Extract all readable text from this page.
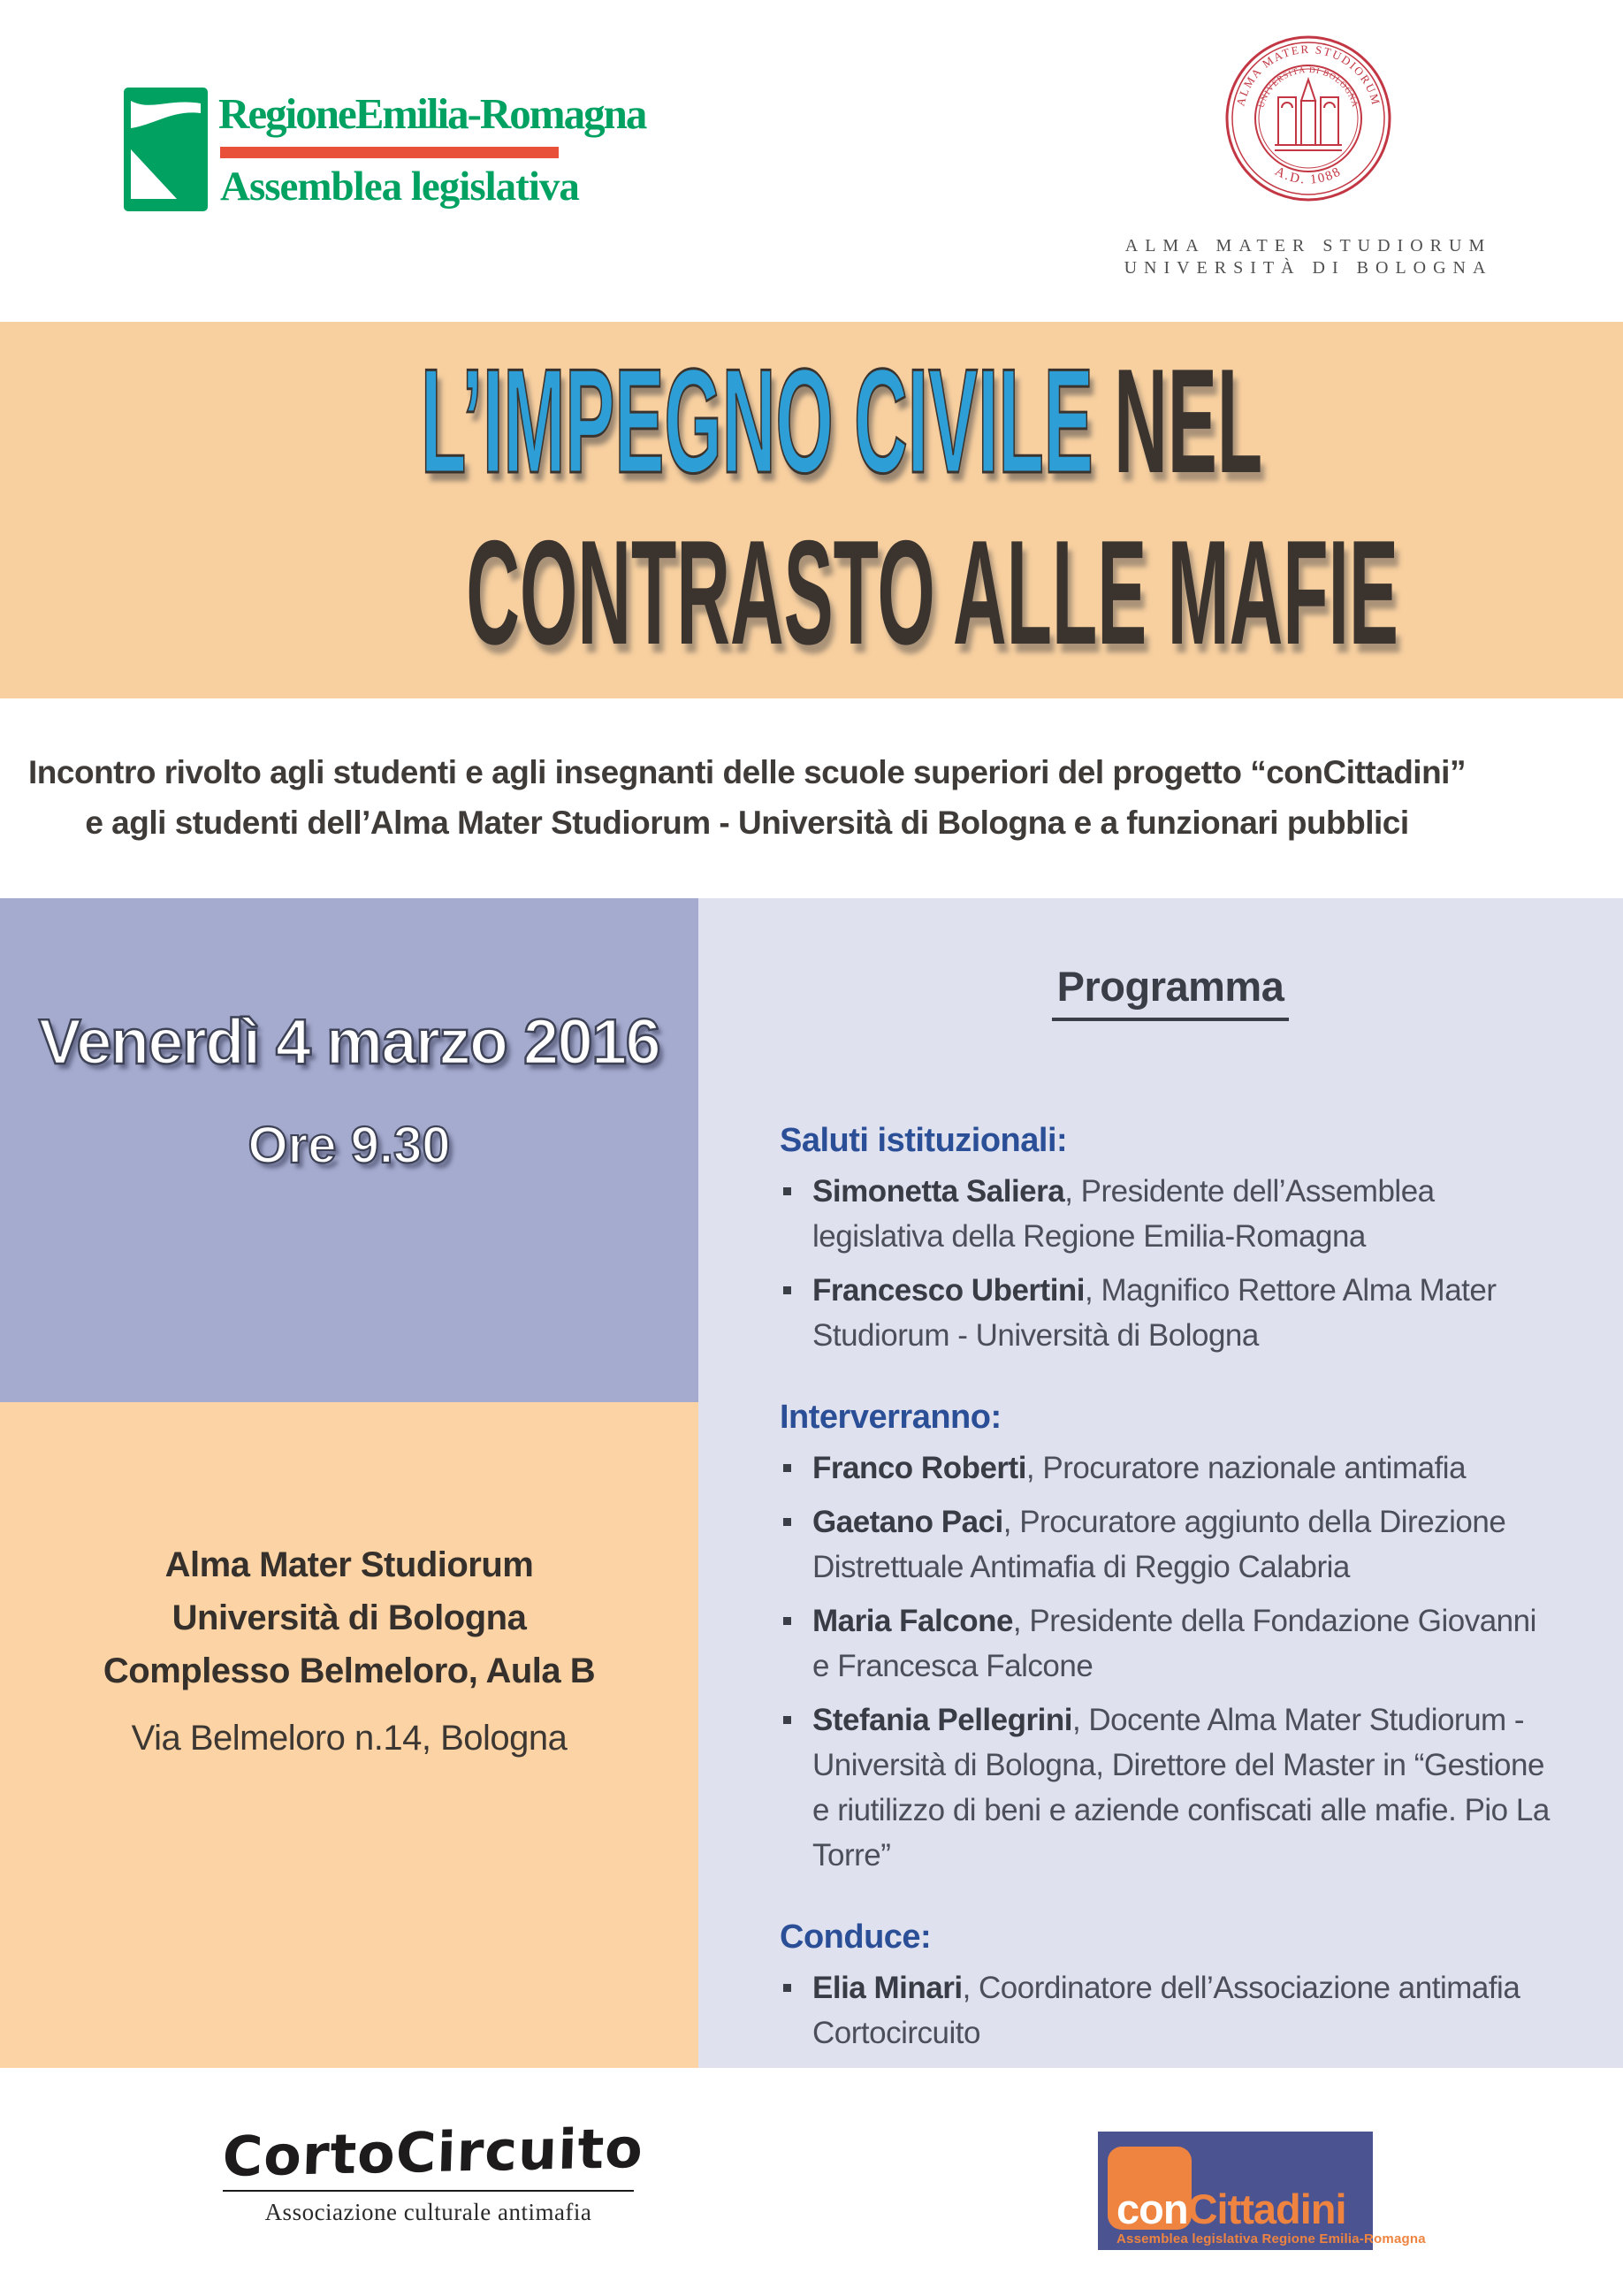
RegioneEmilia-Romagna
Assemblea legislativa
ALMA MATER STUDIORUM
UNIVERSITÀ DI BOLOGNA
A.D. 1088
ALMA MATER STUDIORUM
UNIVERSITÀ DI BOLOGNA
L’IMPEGNO CIVILE NEL
CONTRASTO ALLE MAFIE
Incontro rivolto agli studenti e agli insegnanti delle scuole superiori del progetto “conCittadini”
e agli studenti dell’Alma Mater Studiorum - Università di Bologna e a funzionari pubblici
Venerdì 4 marzo 2016
Ore 9.30
Alma Mater Studiorum
Università di Bologna
Complesso Belmeloro, Aula B
Via Belmeloro n.14, Bologna
Programma
Saluti istituzionali:
Simonetta Saliera, Presidente dell’Assemblea legislativa della Regione Emilia-Romagna
Francesco Ubertini, Magnifico Rettore Alma Mater Studiorum - Università di Bologna
Interverranno:
Franco Roberti, Procuratore nazionale antimafia
Gaetano Paci, Procuratore aggiunto della Direzione Distrettuale Antimafia di Reggio Calabria
Maria Falcone, Presidente della Fondazione Giovanni e Francesca Falcone
Stefania Pellegrini, Docente Alma Mater Studiorum - Università di Bologna, Direttore del Master in “Gestione e riutilizzo di beni e aziende confiscati alle mafie. Pio La Torre”
Conduce:
Elia Minari, Coordinatore dell’Associazione antimafia Cortocircuito
CortoCircuito
Associazione culturale antimafia	conCittadini
Assemblea legislativa Regione Emilia-Romagna
